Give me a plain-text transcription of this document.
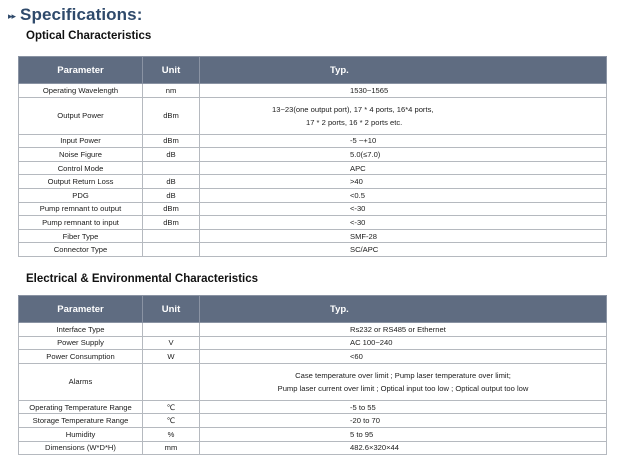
▸▸ Specifications:
Optical Characteristics
Parameter	Unit	Typ.
Operating Wavelength	nm	1530~1565
Output Power	dBm	13~23(one output port), 17 * 4 ports, 16*4 ports,
17 * 2 ports, 16 * 2 ports etc.

Input Power	dBm	-5 ~+10
Noise Figure	dB	5.0(≤7.0)
Control Mode		APC
Output Return Loss	dB	>40
PDG	dB	<0.5
Pump remnant to output	dBm	<-30
Pump remnant to input	dBm	<-30
Fiber Type		SMF-28
Connector Type		SC/APC
Electrical & Environmental Characteristics
Parameter	Unit	Typ.
Interface Type		Rs232 or RS485 or Ethernet
Power Supply	V	AC 100~240
Power Consumption	W	<60
Alarms		Case temperature over limit ; Pump laser temperature over limit;
Pump laser current over limit ; Optical input too low ; Optical output too low

Operating Temperature Range	℃	-5 to 55
Storage Temperature Range	℃	-20 to 70
Humidity	%	5 to 95
Dimensions (W*D*H)	mm	482.6×320×44
